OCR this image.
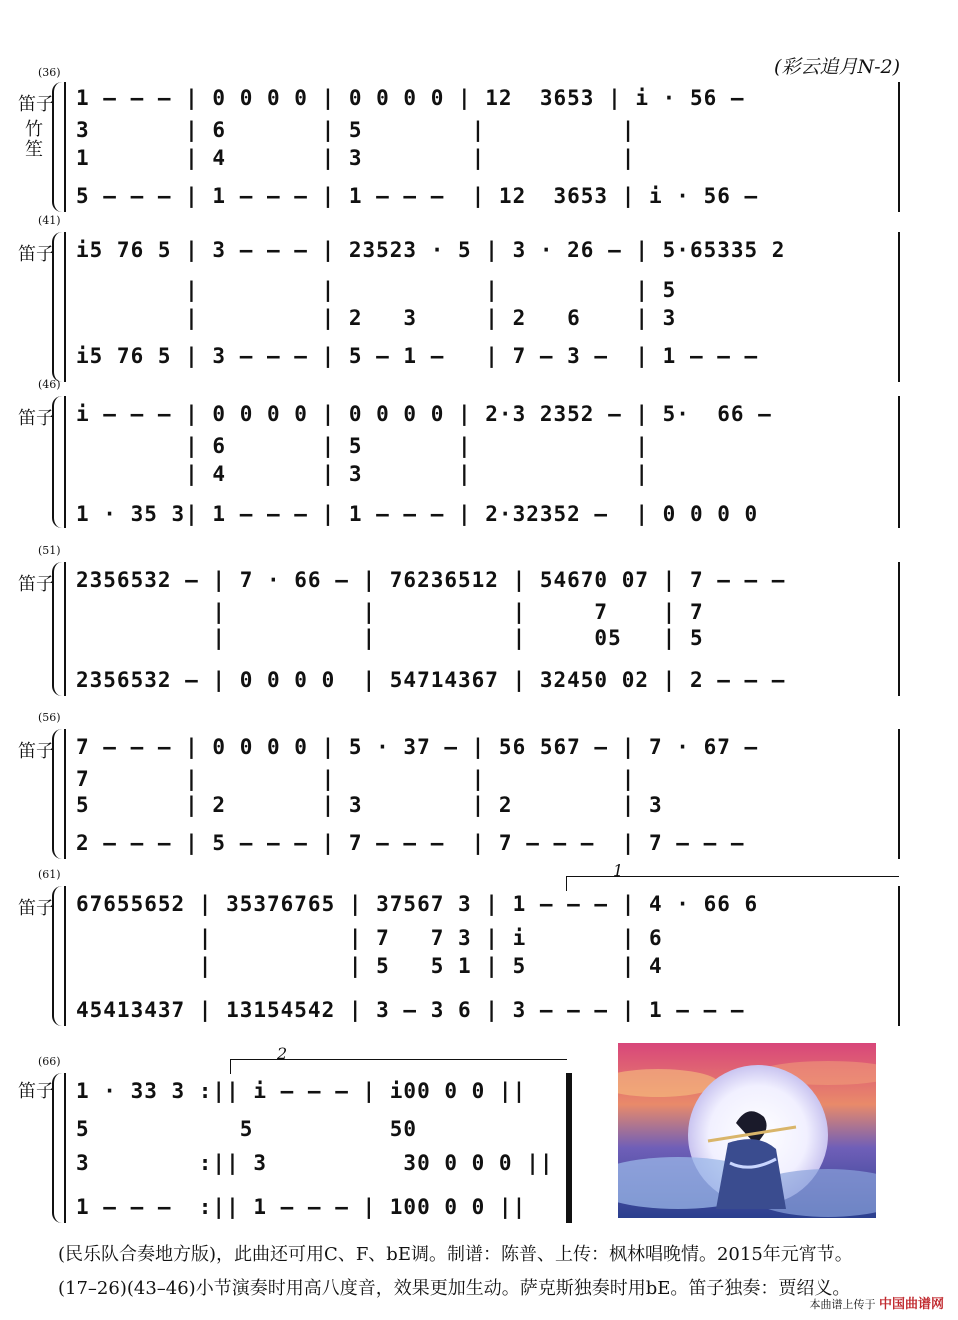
(彩云追月N-2)
(36)
笛子
竹笙
1 – – – | 0 0 0 0 | 0 0 0 0 | 12  3653 | i · 56 –
3       | 6       | 5        |          |
1       | 4       | 3        |          |
5 – – – | 1 – – – | 1 – – –  | 12  3653 | i · 56 –
(41)
笛子 i5 76 5 | 3 – – – | 23523 · 5 | 3 · 26 – | 5·65335 2
|         |           |          | 5
|         | 2   3     | 2   6    | 3
i5 76 5 | 3 – – – | 5 – 1 –   | 7 – 3 –  | 1 – – –
(46)
笛子 i – – – | 0 0 0 0 | 0 0 0 0 | 2·3 2352 – | 5·  66 –
| 6       | 5       |            |
| 4       | 3       |            |
1 · 35 3| 1 – – – | 1 – – – | 2·32352 –  | 0 0 0 0
(51)
笛子 2356532 – | 7 · 66 – | 76236512 | 54670 07 | 7 – – –
|          |          |     7    | 7
|          |          |     05   | 5
2356532 – | 0 0 0 0  | 54714367 | 32450 02 | 2 – – –
(56)
笛子 7 – – – | 0 0 0 0 | 5 · 37 – | 56 567 – | 7 · 67 –
7       |         |          |          |
5       | 2       | 3        | 2        | 3
2 – – – | 5 – – – | 7 – – –  | 7 – – –  | 7 – – –
(61)
笛子
1
67655652 | 35376765 | 37567 3 | 1 – – – | 4 · 66 6
|          | 7   7 3 | i       | 6
|          | 5   5 1 | 5       | 4
45413437 | 13154542 | 3 – 3 6 | 3 – – – | 1 – – –
(66)
笛子
2
1 · 33 3 :|| i – – – | i00 0 0 ||
5           5          50
3        :|| 3          30 0 0 0 ||
1 – – –  :|| 1 – – – | 100 0 0 ||
(民乐队合奏地方版)，此曲还可用C、F、bE调。制谱：陈普、上传：枫林唱晚情。2015年元宵节。
(17–26)(43–46)小节演奏时用高八度音，效果更加生动。萨克斯独奏时用bE。笛子独奏：贾绍义。
本曲谱上传于 中国曲谱网
